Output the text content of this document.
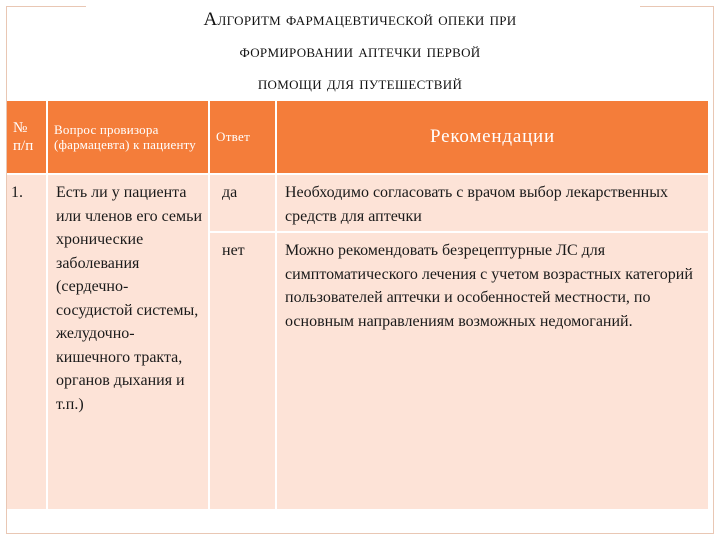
Алгоритм фармацевтической опеки при
формировании аптечки первой
помощи для путешествий
№ п/п	Вопрос провизора (фармацевта) к пациенту	Ответ	Рекомендации
1.	Есть ли у пациента или членов его семьи хронические заболевания (сердечно-сосудистой системы, желудочно-кишечного тракта, органов дыхания и т.п.)	да	Необходимо согласовать с врачом выбор лекарственных средств для аптечки
		нет	Можно рекомендовать безрецептурные ЛС для симптоматического лечения с учетом возрастных категорий пользователей аптечки и особенностей местности, по основным направлениям возможных недомоганий.
